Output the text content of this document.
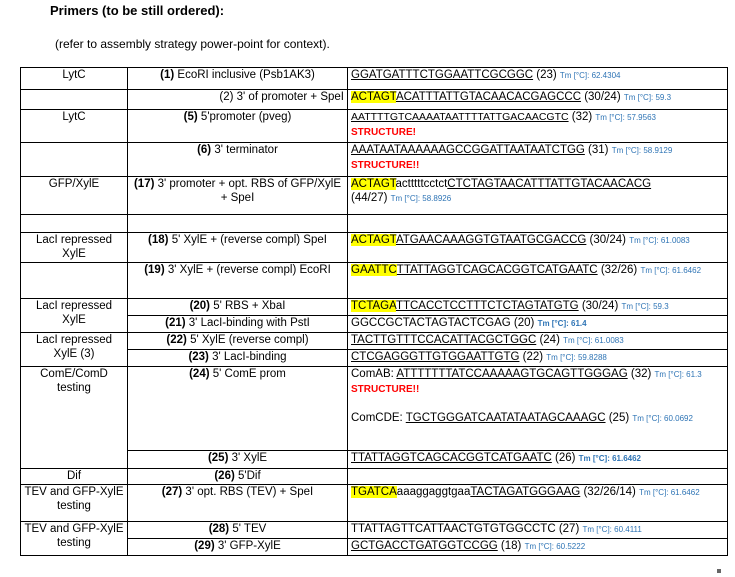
Primers (to be still ordered):
(refer to assembly strategy power-point for context).
LytC	(1) EcoRI inclusive (Psb1AK3)	GGATGATTTCTGGAATTCGCGGC (23) Tm [°C]: 62.4304
	(2) 3' of promoter + SpeI	ACTAGTACATTTATTGTACAACACGAGCCC (30/24) Tm [°C]: 59.3
LytC	(5) 5'promoter (pveg)	AATTTTGTCAAAATAATTTTATTGACAACGTC (32) Tm [°C]: 57.9563
STRUCTURE!
	(6) 3' terminator	AAATAATAAAAAAGCCGGATTAATAATCTGG (31) Tm [°C]: 58.9129
STRUCTURE!!
GFP/XylE	(17) 3' promoter + opt. RBS of GFP/XylE + SpeI	ACTAGTactttttcctctCTCTAGTAACATTTATTGTACAACACG
(44/27) Tm [°C]: 58.8926

LacI repressed XylE	(18) 5' XylE + (reverse compl) SpeI	ACTAGTATGAACAAAGGTGTAATGCGACCG (30/24) Tm [°C]: 61.0083
	(19) 3' XylE + (reverse compl) EcoRI	GAATTCTTATTAGGTCAGCACGGTCATGAATC (32/26) Tm [°C]: 61.6462
LacI repressed XylE	(20) 5' RBS + XbaI	TCTAGATTCACCTCCTTTCTCTAGTATGTG (30/24) Tm [°C]: 59.3
	(21) 3' LacI-binding with PstI	GGCCGCTACTAGTACTCGAG (20) Tm [°C]: 61.4
LacI repressed XylE (3)	(22) 5' XylE (reverse compl)	TACTTGTTTCCACATTACGCTGGC (24) Tm [°C]: 61.0083
	(23) 3' LacI-binding	CTCGAGGGTTGTGGAATTGTG (22) Tm [°C]: 59.8288
ComE/ComD testing	(24) 5' ComE prom	ComAB: ATTTTTTTATCCAAAAAGTGCAGTTGGGAG (32) Tm [°C]: 61.3 STRUCTURE!!

ComCDE: TGCTGGGATCAATATAATAGCAAAGC (25) Tm [°C]: 60.0692
	(25) 3' XylE	TTATTAGGTCAGCACGGTCATGAATC (26) Tm [°C]: 61.6462
Dif	(26) 5'Dif	
TEV and GFP-XylE testing	(27) 3' opt. RBS (TEV) + SpeI	TGATCAaaaggaggtgaaTACTAGATGGGAAG (32/26/14) Tm [°C]: 61.6462
TEV and GFP-XylE testing	(28) 5' TEV	TTATTAGTTCATTAACTGTGTGGCCTC (27) Tm [°C]: 60.4111
	(29) 3' GFP-XylE	GCTGACCTGATGGTCCGG (18) Tm [°C]: 60.5222
